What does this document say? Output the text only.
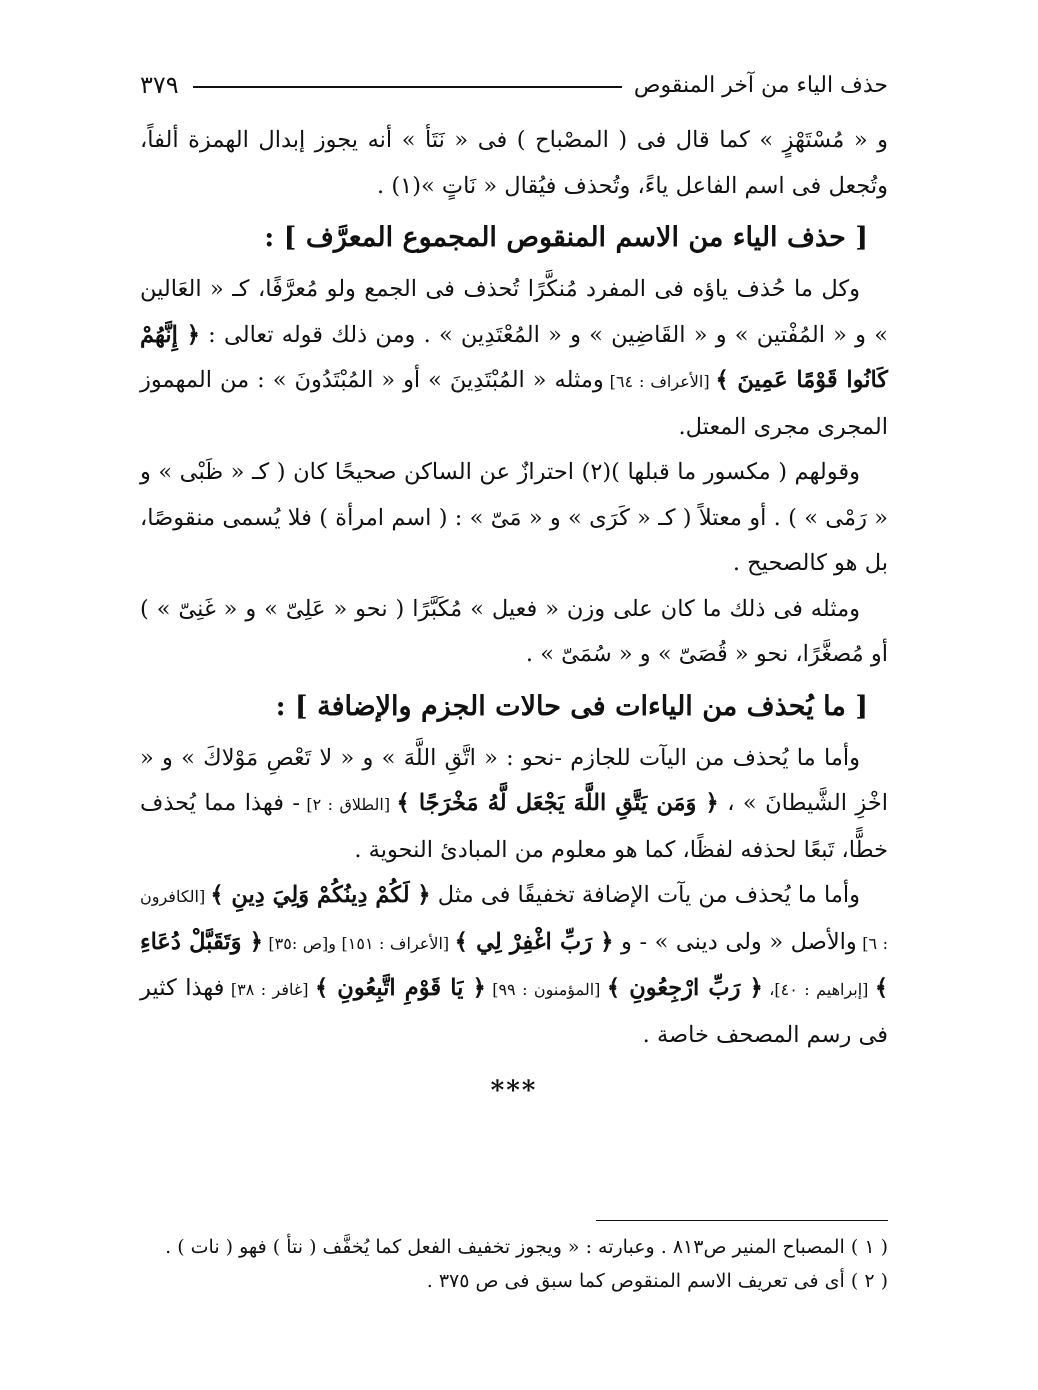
حذف الياء من آخر المنقوص
٣٧٩

و « مُسْتَهْزٍ » كما قال فى ( المصْباح ) فى « نَتَأ » أنه يجوز إبدال الهمزة ألفاً، وتُجعل فى اسم الفاعل ياءً، وتُحذف فيُقال « نَاتٍ »(١) .

[ حذف الياء من الاسم المنقوص المجموع المعرَّف ] :

وكل ما حُذف ياؤه فى المفرد مُنكَّرًا تُحذف فى الجمع ولو مُعرَّفًا، كـ « العَالين » و « المُفْتين » و « القَاضِين » و « المُعْتَدِين » . ومن ذلك قوله تعالى : ﴿ إِنَّهُمْ كَانُوا قَوْمًا عَمِينَ ﴾ [الأعراف : ٦٤] ومثله « المُبْتَدِينَ » أو « المُبْتَدُونَ » : من المهموز المجرى مجرى المعتل.

وقولهم ( مكسور ما قبلها )(٢) احترازٌ عن الساكن صحيحًا كان ( كـ « ظَبْى » و « رَمْى » ) . أو معتلاً ( كـ « كَرَى » و « مَىّ » : ( اسم امرأة ) فلا يُسمى منقوصًا، بل هو كالصحيح .

ومثله فى ذلك ما كان على وزن « فعيل » مُكَبَّرًا ( نحو « عَلِىّ » و « غَنِىّ » ) أو مُصغَّرًا، نحو « قُصَىّ » و « سُمَىّ » .

[ ما يُحذف من الياءات فى حالات الجزم والإضافة ] :

وأما ما يُحذف من اليآت للجازم -نحو : « اتَّقِ اللَّهَ » و « لا تَعْصِ مَوْلاكَ » و « اخْزِ الشَّيطانَ » ، ﴿ وَمَن يَتَّقِ اللَّهَ يَجْعَل لَّهُ مَخْرَجًا ﴾ [الطلاق : ٢] - فهذا مما يُحذف خطًّا، تَبعًا لحذفه لفظًا، كما هو معلوم من المبادئ النحوية .

وأما ما يُحذف من يآت الإضافة تخفيفًا فى مثل ﴿ لَكُمْ دِينُكُمْ وَلِيَ دِينِ ﴾ [الكافرون : ٦] والأصل « ولى دينى » - و ﴿ رَبِّ اغْفِرْ لِي ﴾ [الأعراف : ١٥١] و[ص :٣٥] ﴿ وَتَقَبَّلْ دُعَاءِ ﴾ [إبراهيم : ٤٠]، ﴿ رَبِّ ارْجِعُونِ ﴾ [المؤمنون : ٩٩] ﴿ يَا قَوْمِ اتَّبِعُونِ ﴾ [غافر : ٣٨] فهذا كثير فى رسم المصحف خاصة .

***

( ١ ) المصباح المنير ص٨١٣ . وعبارته : « ويجوز تخفيف الفعل كما يُخفَّف ( نتأ ) فهو ( نات ) .

( ٢ ) أى فى تعريف الاسم المنقوص كما سبق فى ص ٣٧٥ .
